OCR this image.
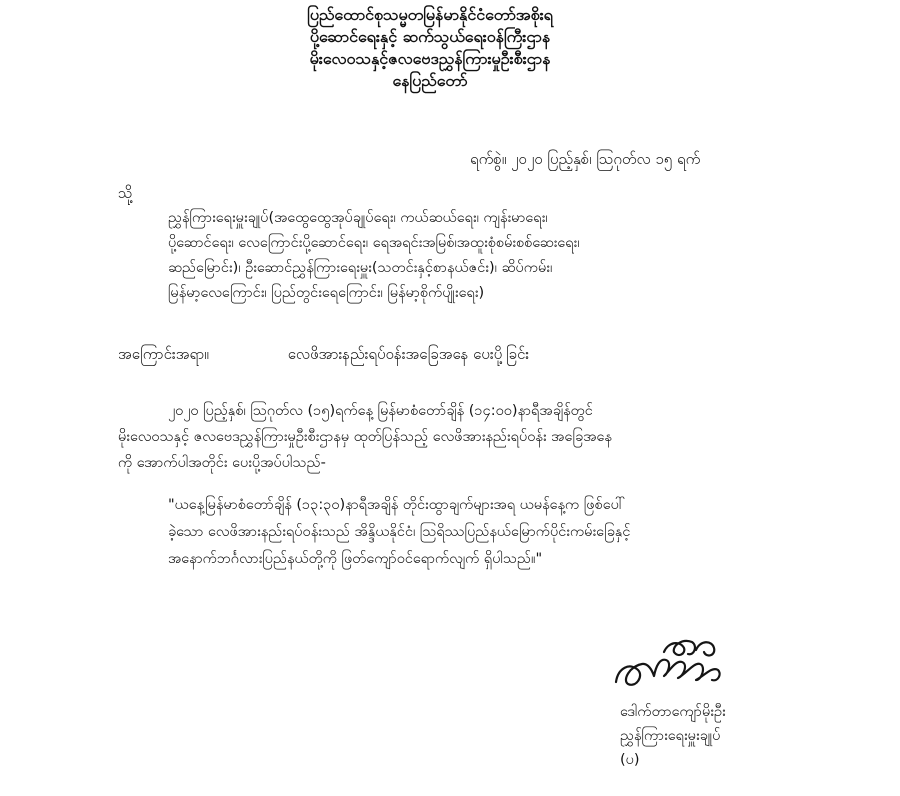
ပြည်ထောင်စုသမ္မတမြန်မာနိုင်ငံတော်အစိုးရ
ပို့ဆောင်ရေးနှင့် ဆက်သွယ်ရေးဝန်ကြီးဌာန
မိုးလေဝသနှင့်ဇလဗေဒညွှန်ကြားမှုဦးစီးဌာန
နေပြည်တော်
ရက်စွဲ။ ၂၀၂၀ ပြည့်နှစ်၊ ဩဂုတ်လ ၁၅ ရက်
သို့
ညွှန်ကြားရေးမှူးချုပ်(အထွေထွေအုပ်ချုပ်ရေး၊ ကယ်ဆယ်ရေး၊ ကျန်းမာရေး၊
ပို့ဆောင်ရေး၊ လေကြောင်းပို့ဆောင်ရေး၊ ရေအရင်းအမြစ်၊အထူးစုံစမ်းစစ်ဆေးရေး၊
ဆည်မြောင်း)၊ ဦးဆောင်ညွှန်ကြားရေးမှူး(သတင်းနှင့်စာနယ်ဇင်း)၊ ဆိပ်ကမ်း၊
မြန်မာ့လေကြောင်း၊ ပြည်တွင်းရေကြောင်း၊ မြန်မာ့စိုက်ပျိုးရေး)
အကြောင်းအရာ။	လေဖိအားနည်းရပ်ဝန်းအခြေအနေ ပေးပို့ခြင်း
၂၀၂၀ ပြည့်နှစ်၊ ဩဂုတ်လ (၁၅)ရက်နေ့ မြန်မာစံတော်ချိန် (၁၄:၀၀)နာရီအချိန်တွင်
မိုးလေဝသနှင့် ဇလဗေဒညွှန်ကြားမှုဦးစီးဌာနမှ ထုတ်ပြန်သည့် လေဖိအားနည်းရပ်ဝန်း အခြေအနေ
ကို အောက်ပါအတိုင်း ပေးပို့အပ်ပါသည်-
"ယနေ့မြန်မာစံတော်ချိန် (၁၃:၃၀)နာရီအချိန် တိုင်းထွာချက်များအရ ယမန်နေ့က ဖြစ်ပေါ်
ခဲ့သော လေဖိအားနည်းရပ်ဝန်းသည် အိန္ဒိယနိုင်ငံ၊ ဩရိဿပြည်နယ်မြောက်ပိုင်းကမ်းခြေနှင့်
အနောက်ဘင်္ဂလားပြည်နယ်တို့ကို ဖြတ်ကျော်ဝင်ရောက်လျက် ရှိပါသည်။"
ဒေါက်တာကျော်မိုးဦး
ညွှန်ကြားရေးမှူးချုပ်
(ပ)
